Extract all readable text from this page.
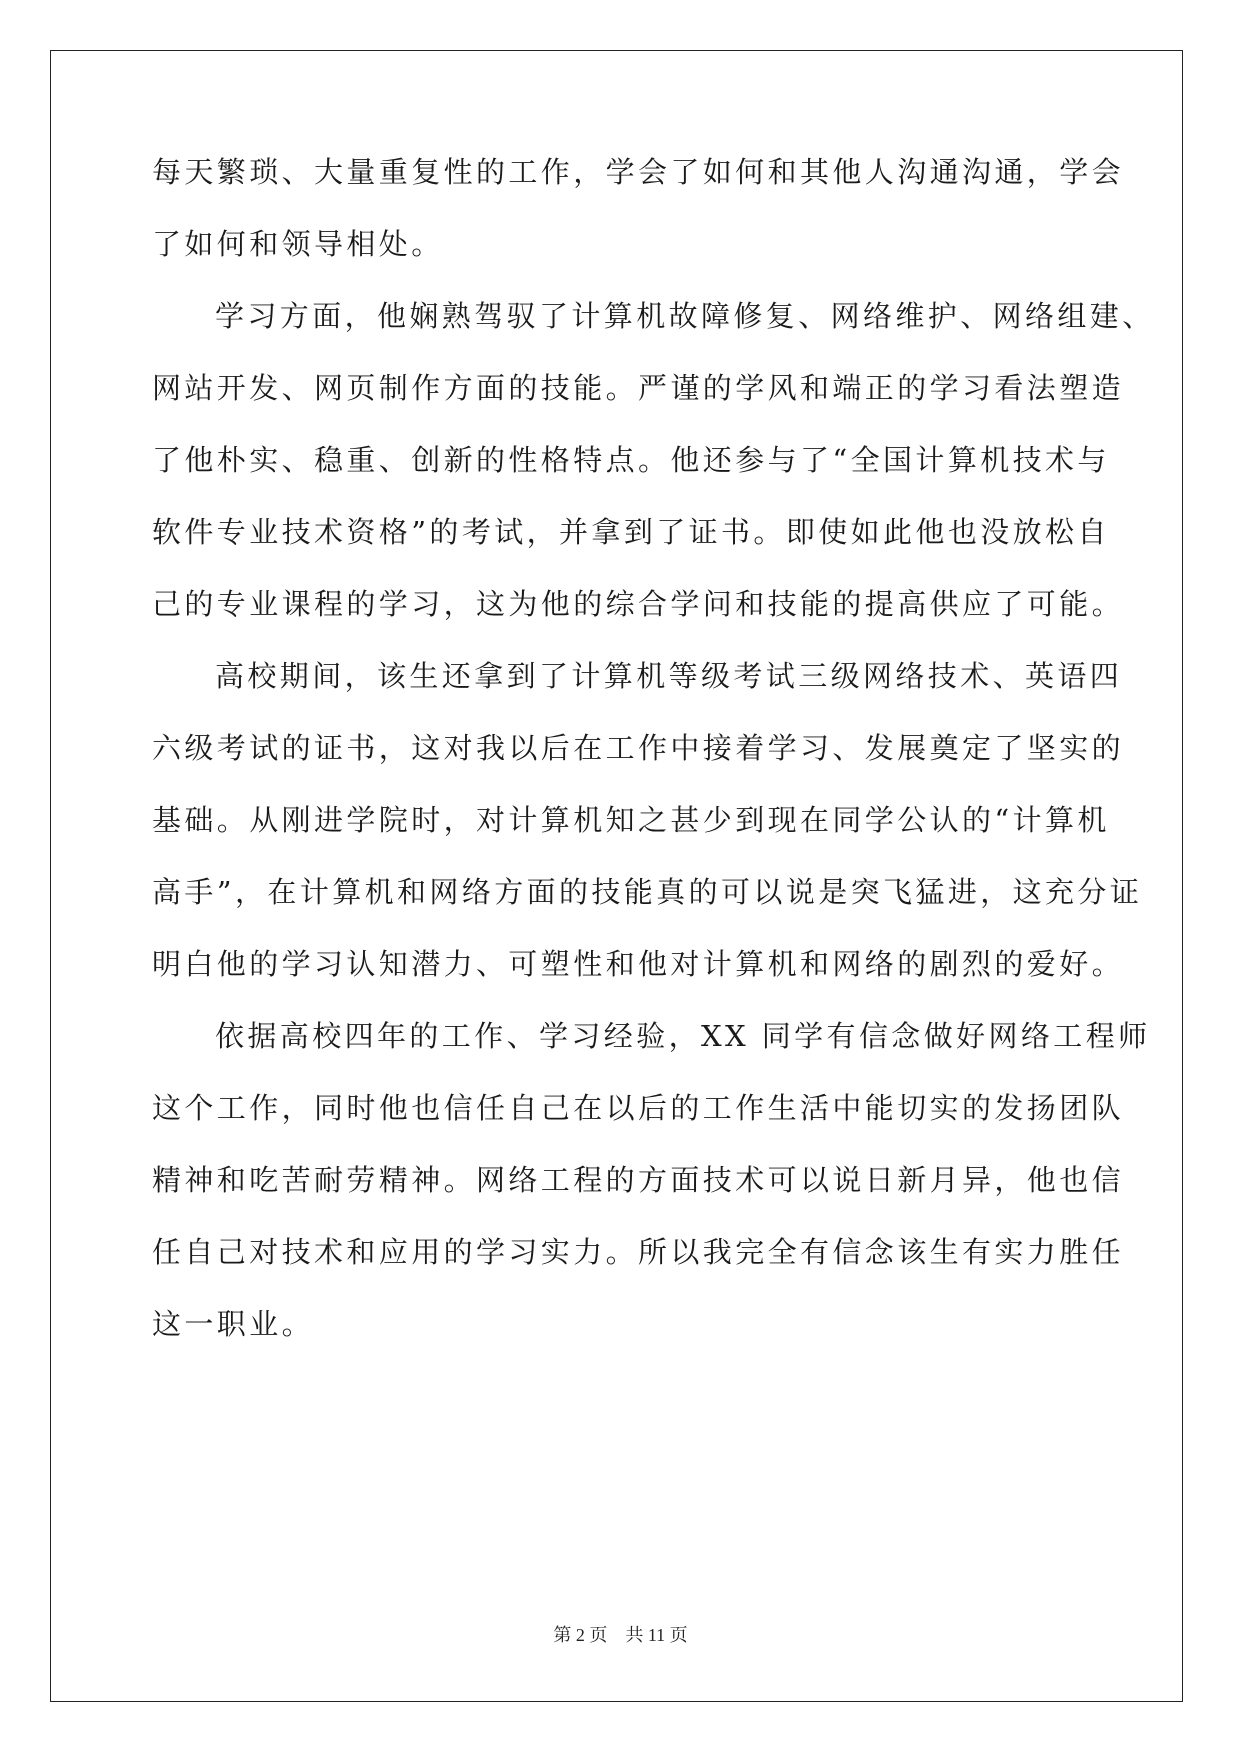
每天繁琐、大量重复性的工作，学会了如何和其他人沟通沟通，学会
了如何和领导相处。
学习方面，他娴熟驾驭了计算机故障修复、网络维护、网络组建、
网站开发、网页制作方面的技能。严谨的学风和端正的学习看法塑造
了他朴实、稳重、创新的性格特点。他还参与了“全国计算机技术与
软件专业技术资格”的考试，并拿到了证书。即使如此他也没放松自
己的专业课程的学习，这为他的综合学问和技能的提高供应了可能。
高校期间，该生还拿到了计算机等级考试三级网络技术、英语四
六级考试的证书，这对我以后在工作中接着学习、发展奠定了坚实的
基础。从刚进学院时，对计算机知之甚少到现在同学公认的“计算机
高手”，在计算机和网络方面的技能真的可以说是突飞猛进，这充分证
明白他的学习认知潜力、可塑性和他对计算机和网络的剧烈的爱好。
依据高校四年的工作、学习经验，XX 同学有信念做好网络工程师
这个工作，同时他也信任自己在以后的工作生活中能切实的发扬团队
精神和吃苦耐劳精神。网络工程的方面技术可以说日新月异，他也信
任自己对技术和应用的学习实力。所以我完全有信念该生有实力胜任
这一职业。
第 2 页　共 11 页
